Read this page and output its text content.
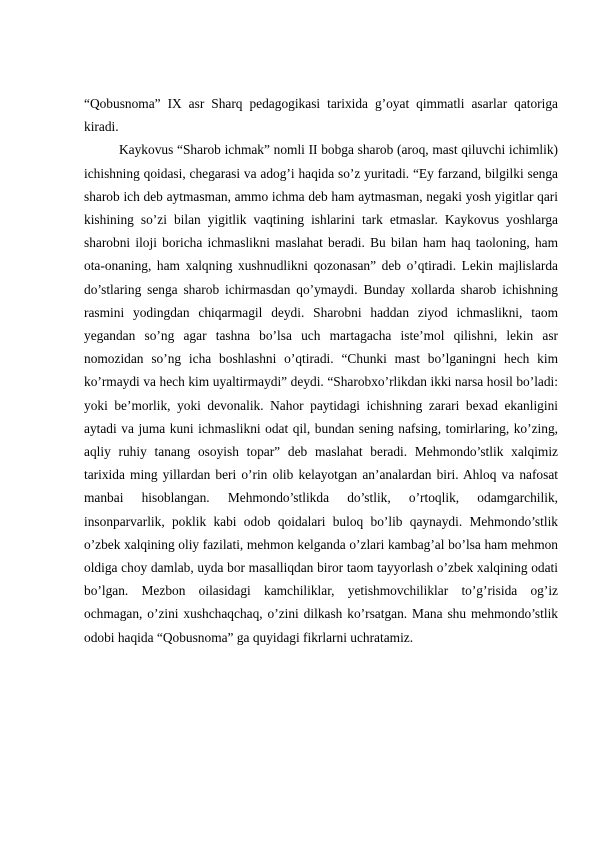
“Qobusnoma” IX asr Sharq pedagogikasi tarixida g’oyat qimmatli asarlar qatoriga kiradi.

Kaykovus “Sharob ichmak” nomli II bobga sharob (aroq, mast qiluvchi ichimlik) ichishning qoidasi, chegarasi va adog’i haqida so’z yuritadi. “Ey farzand, bilgilki senga sharob ich deb aytmasman, ammo ichma deb ham aytmasman, negaki yosh yigitlar qari kishining so’zi bilan yigitlik vaqtining ishlarini tark etmaslar. Kaykovus yoshlarga sharobni iloji boricha ichmaslikni maslahat beradi. Bu bilan ham haq taoloning, ham ota-onaning, ham xalqning xushnudlikni qozonasan” deb o’qtiradi. Lekin majlislarda do’stlaring senga sharob ichirmasdan qo’ymaydi. Bunday xollarda sharob ichishning rasmini yodingdan chiqarmagil deydi. Sharobni haddan ziyod ichmaslikni, taom yegandan so’ng agar tashna bo’lsa uch martagacha iste’mol qilishni, lekin asr nomozidan so’ng icha boshlashni o’qtiradi. “Chunki mast bo’lganingni hech kim ko’rmaydi va hech kim uyaltirmaydi” deydi. “Sharobxo’rlikdan ikki narsa hosil bo’ladi: yoki be’morlik, yoki devonalik. Nahor paytidagi ichishning zarari bexad ekanligini aytadi va juma kuni ichmaslikni odat qil, bundan sening nafsing, tomirlaring, ko’zing, aqliy ruhiy tanang osoyish topar” deb maslahat beradi. Mehmondo’stlik xalqimiz tarixida ming yillardan beri o’rin olib kelayotgan an’analardan biri. Ahloq va nafosat manbai hisoblangan. Mehmondo’stlikda do’stlik, o’rtoqlik, odamgarchilik, insonparvarlik, poklik kabi odob qoidalari buloq bo’lib qaynaydi. Mehmondo’stlik o’zbek xalqining oliy fazilati, mehmon kelganda o’zlari kambag’al bo’lsa ham mehmon oldiga choy damlab, uyda bor masalliqdan biror taom tayyorlash o’zbek xalqining odati bo’lgan. Mezbon oilasidagi kamchiliklar, yetishmovchiliklar to’g’risida og’iz ochmagan, o’zini xushchaqchaq, o’zini dilkash ko’rsatgan. Mana shu mehmondo’stlik odobi haqida “Qobusnoma” ga quyidagi fikrlarni uchratamiz.
